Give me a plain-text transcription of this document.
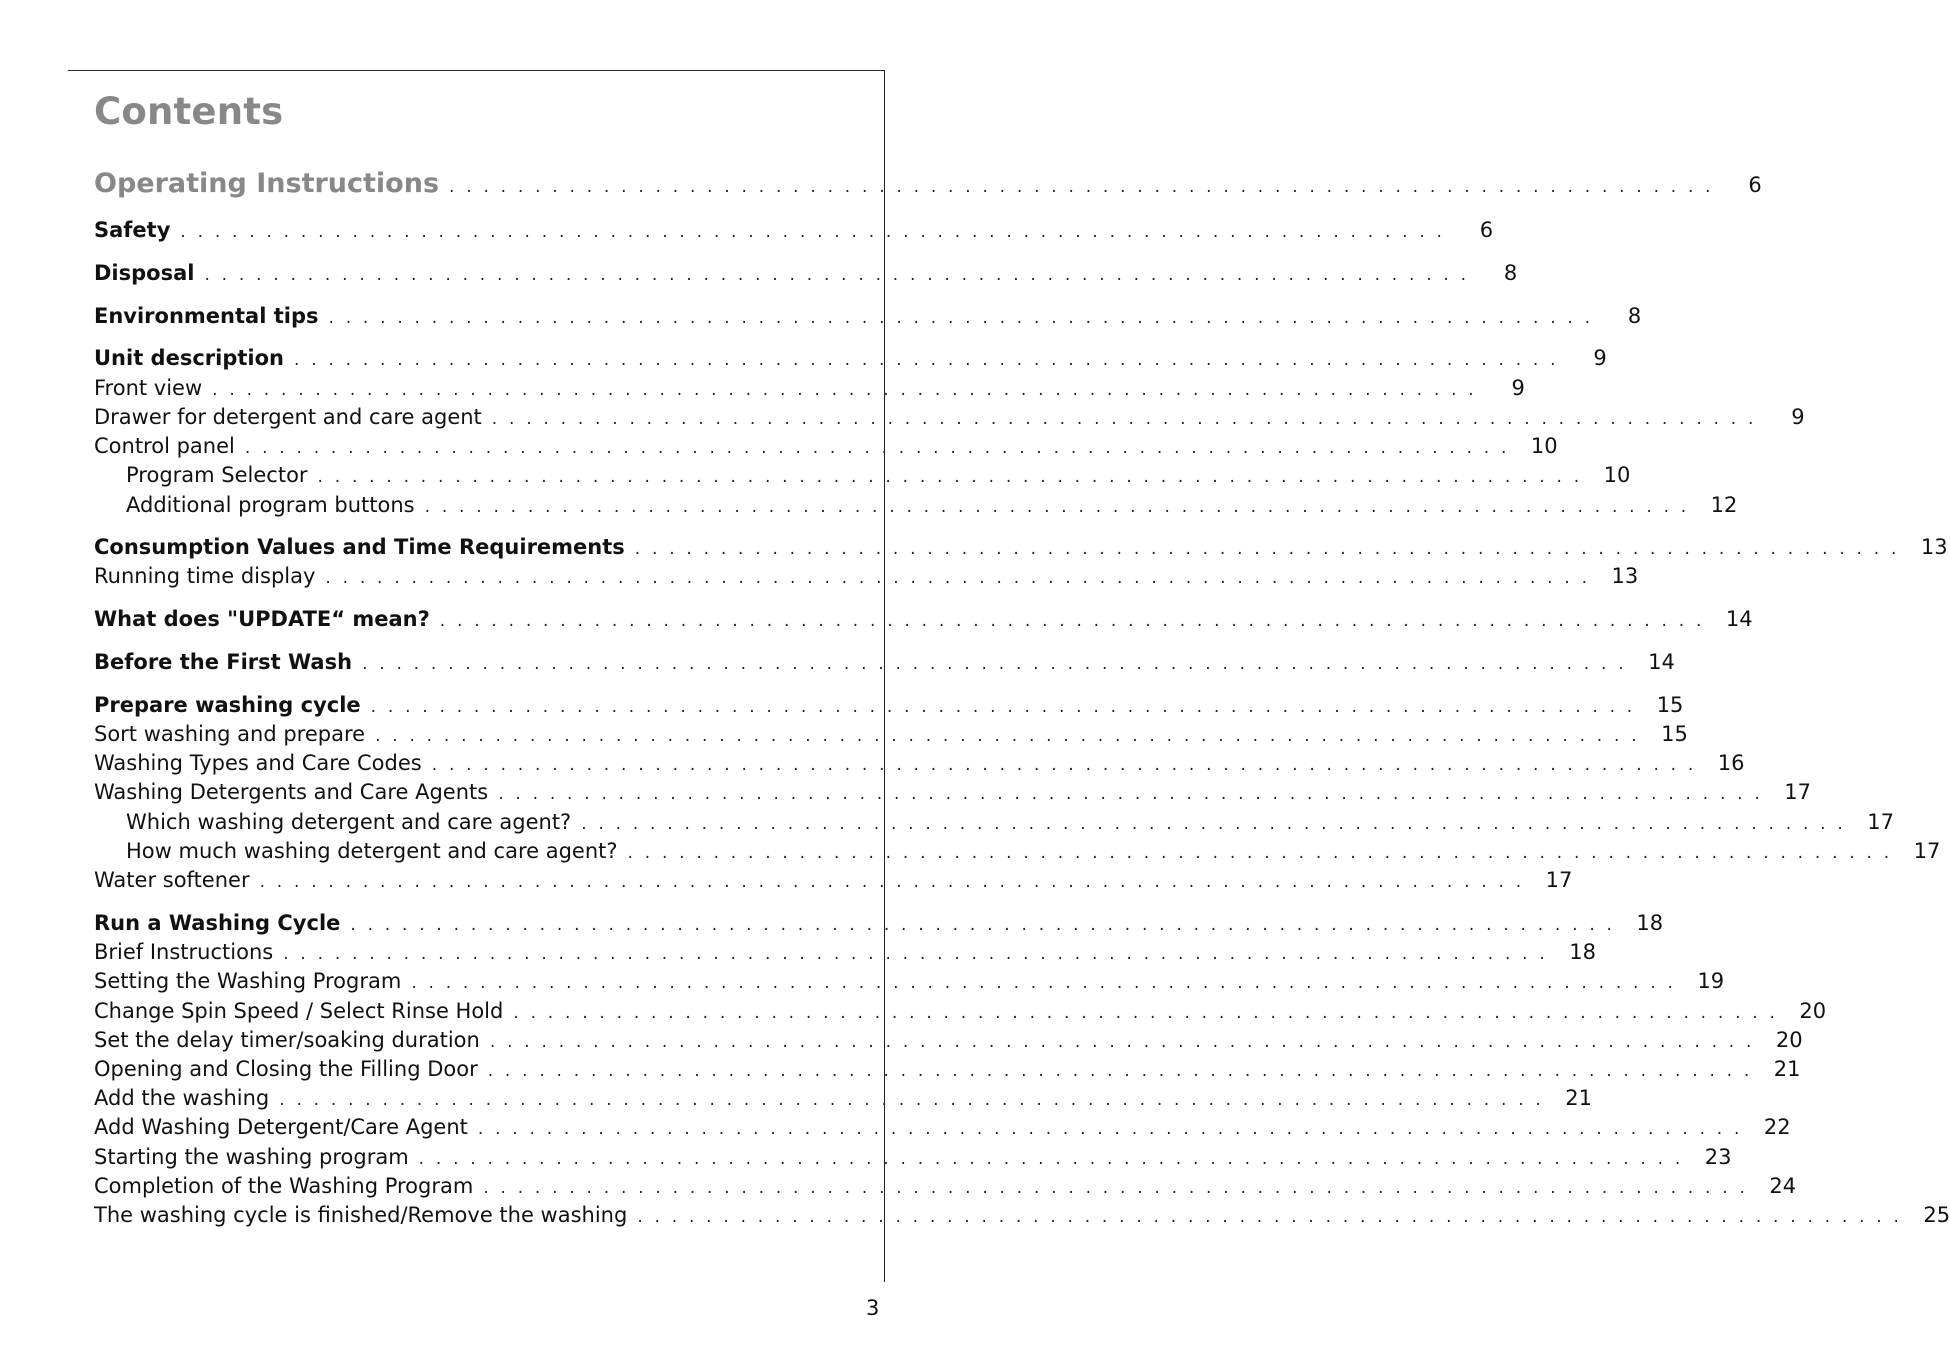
Contents
Operating Instructions . . . . . . . . . . . . . . . . . . . . . . . . . . . . . . . . . . . . . . . . . . . . . . . . . . . . . . . . . . . . . . . . . . . . . . . . . .	6
Safety . . . . . . . . . . . . . . . . . . . . . . . . . . . . . . . . . . . . . . . . . . . . . . . . . . . . . . . . . . . . . . . . . . . . . . . . . .	6
Disposal . . . . . . . . . . . . . . . . . . . . . . . . . . . . . . . . . . . . . . . . . . . . . . . . . . . . . . . . . . . . . . . . . . . . . . . . . .	8
Environmental tips . . . . . . . . . . . . . . . . . . . . . . . . . . . . . . . . . . . . . . . . . . . . . . . . . . . . . . . . . . . . . . . . . . . . . . . . . .	8
Unit description . . . . . . . . . . . . . . . . . . . . . . . . . . . . . . . . . . . . . . . . . . . . . . . . . . . . . . . . . . . . . . . . . . . . . . . . . .	9
Front view . . . . . . . . . . . . . . . . . . . . . . . . . . . . . . . . . . . . . . . . . . . . . . . . . . . . . . . . . . . . . . . . . . . . . . . . . .	9
Drawer for detergent and care agent . . . . . . . . . . . . . . . . . . . . . . . . . . . . . . . . . . . . . . . . . . . . . . . . . . . . . . . . . . . . . . . . . . . . . . . . . .	9
Control panel . . . . . . . . . . . . . . . . . . . . . . . . . . . . . . . . . . . . . . . . . . . . . . . . . . . . . . . . . . . . . . . . . . . . . . . . . .	10
Program Selector . . . . . . . . . . . . . . . . . . . . . . . . . . . . . . . . . . . . . . . . . . . . . . . . . . . . . . . . . . . . . . . . . . . . . . . . . .	10
Additional program buttons . . . . . . . . . . . . . . . . . . . . . . . . . . . . . . . . . . . . . . . . . . . . . . . . . . . . . . . . . . . . . . . . . . . . . . . . . .	12
Consumption Values and Time Requirements . . . . . . . . . . . . . . . . . . . . . . . . . . . . . . . . . . . . . . . . . . . . . . . . . . . . . . . . . . . . . . . . . . . . . . . . . .	13
Running time display . . . . . . . . . . . . . . . . . . . . . . . . . . . . . . . . . . . . . . . . . . . . . . . . . . . . . . . . . . . . . . . . . . . . . . . . . .	13
What does "UPDATE“ mean? . . . . . . . . . . . . . . . . . . . . . . . . . . . . . . . . . . . . . . . . . . . . . . . . . . . . . . . . . . . . . . . . . . . . . . . . . .	14
Before the First Wash . . . . . . . . . . . . . . . . . . . . . . . . . . . . . . . . . . . . . . . . . . . . . . . . . . . . . . . . . . . . . . . . . . . . . . . . . .	14
Prepare washing cycle . . . . . . . . . . . . . . . . . . . . . . . . . . . . . . . . . . . . . . . . . . . . . . . . . . . . . . . . . . . . . . . . . . . . . . . . . .	15
Sort washing and prepare . . . . . . . . . . . . . . . . . . . . . . . . . . . . . . . . . . . . . . . . . . . . . . . . . . . . . . . . . . . . . . . . . . . . . . . . . .	15
Washing Types and Care Codes . . . . . . . . . . . . . . . . . . . . . . . . . . . . . . . . . . . . . . . . . . . . . . . . . . . . . . . . . . . . . . . . . . . . . . . . . .	16
Washing Detergents and Care Agents . . . . . . . . . . . . . . . . . . . . . . . . . . . . . . . . . . . . . . . . . . . . . . . . . . . . . . . . . . . . . . . . . . . . . . . . . .	17
Which washing detergent and care agent? . . . . . . . . . . . . . . . . . . . . . . . . . . . . . . . . . . . . . . . . . . . . . . . . . . . . . . . . . . . . . . . . . . . . . . . . . .	17
How much washing detergent and care agent? . . . . . . . . . . . . . . . . . . . . . . . . . . . . . . . . . . . . . . . . . . . . . . . . . . . . . . . . . . . . . . . . . . . . . . . . . .	17
Water softener . . . . . . . . . . . . . . . . . . . . . . . . . . . . . . . . . . . . . . . . . . . . . . . . . . . . . . . . . . . . . . . . . . . . . . . . . .	17
Run a Washing Cycle . . . . . . . . . . . . . . . . . . . . . . . . . . . . . . . . . . . . . . . . . . . . . . . . . . . . . . . . . . . . . . . . . . . . . . . . . .	18
Brief Instructions . . . . . . . . . . . . . . . . . . . . . . . . . . . . . . . . . . . . . . . . . . . . . . . . . . . . . . . . . . . . . . . . . . . . . . . . . .	18
Setting the Washing Program . . . . . . . . . . . . . . . . . . . . . . . . . . . . . . . . . . . . . . . . . . . . . . . . . . . . . . . . . . . . . . . . . . . . . . . . . .	19
Change Spin Speed / Select Rinse Hold . . . . . . . . . . . . . . . . . . . . . . . . . . . . . . . . . . . . . . . . . . . . . . . . . . . . . . . . . . . . . . . . . . . . . . . . . .	20
Set the delay timer/soaking duration . . . . . . . . . . . . . . . . . . . . . . . . . . . . . . . . . . . . . . . . . . . . . . . . . . . . . . . . . . . . . . . . . . . . . . . . . .	20
Opening and Closing the Filling Door . . . . . . . . . . . . . . . . . . . . . . . . . . . . . . . . . . . . . . . . . . . . . . . . . . . . . . . . . . . . . . . . . . . . . . . . . .	21
Add the washing . . . . . . . . . . . . . . . . . . . . . . . . . . . . . . . . . . . . . . . . . . . . . . . . . . . . . . . . . . . . . . . . . . . . . . . . . .	21
Add Washing Detergent/Care Agent . . . . . . . . . . . . . . . . . . . . . . . . . . . . . . . . . . . . . . . . . . . . . . . . . . . . . . . . . . . . . . . . . . . . . . . . . .	22
Starting the washing program . . . . . . . . . . . . . . . . . . . . . . . . . . . . . . . . . . . . . . . . . . . . . . . . . . . . . . . . . . . . . . . . . . . . . . . . . .	23
Completion of the Washing Program . . . . . . . . . . . . . . . . . . . . . . . . . . . . . . . . . . . . . . . . . . . . . . . . . . . . . . . . . . . . . . . . . . . . . . . . . .	24
The washing cycle is finished/Remove the washing . . . . . . . . . . . . . . . . . . . . . . . . . . . . . . . . . . . . . . . . . . . . . . . . . . . . . . . . . . . . . . . . . . . . . . . . . .	25
3
